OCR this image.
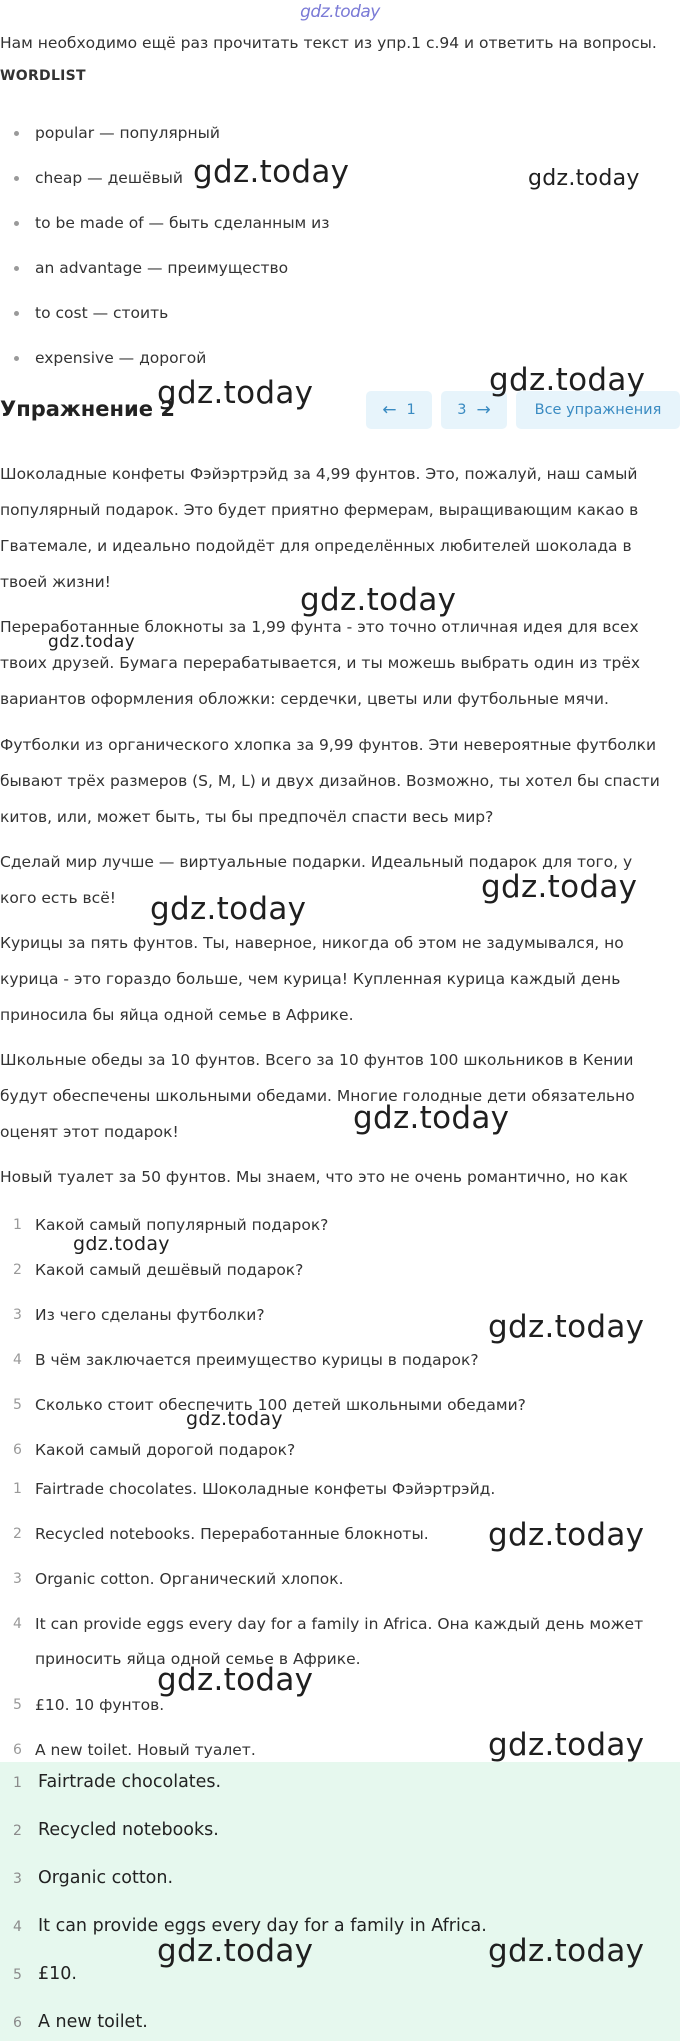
gdz.today

Нам необходимо ещё раз прочитать текст из упр.1 с.94 и ответить на вопросы.

WORDLIST
popular — популярный
cheap — дешёвый
to be made of — быть сделанным из
an advantage — преимущество
to cost — стоить
expensive — дорогой
Упражнение 2	← 1	3 →	Все упражнения

Шоколадные конфеты Фэйэртрэйд за 4,99 фунтов. Это, пожалуй, наш самый популярный подарок. Это будет приятно фермерам, выращивающим какао в Гватемале, и идеально подойдёт для определённых любителей шоколада в твоей жизни!

Переработанные блокноты за 1,99 фунта - это точно отличная идея для всех твоих друзей. Бумага перерабатывается, и ты можешь выбрать один из трёх вариантов оформления обложки: сердечки, цветы или футбольные мячи.

Футболки из органического хлопка за 9,99 фунтов. Эти невероятные футболки бывают трёх размеров (S, M, L) и двух дизайнов. Возможно, ты хотел бы спасти китов, или, может быть, ты бы предпочёл спасти весь мир?

Сделай мир лучше — виртуальные подарки. Идеальный подарок для того, у кого есть всё!

Курицы за пять фунтов. Ты, наверное, никогда об этом не задумывался, но курица - это гораздо больше, чем курица! Купленная курица каждый день приносила бы яйца одной семье в Африке.

Школьные обеды за 10 фунтов. Всего за 10 фунтов 100 школьников в Кении будут обеспечены школьными обедами. Многие голодные дети обязательно оценят этот подарок!

Новый туалет за 50 фунтов. Мы знаем, что это не очень романтично, но как

1 Какой самый популярный подарок?
2 Какой самый дешёвый подарок?
3 Из чего сделаны футболки?
4 В чём заключается преимущество курицы в подарок?
5 Сколько стоит обеспечить 100 детей школьными обедами?
6 Какой самый дорогой подарок?
1 Fairtrade chocolates. Шоколадные конфеты Фэйэртрэйд.
2 Recycled notebooks. Переработанные блокноты.
3 Organic cotton. Органический хлопок.
4 It can provide eggs every day for a family in Africa. Она каждый день может приносить яйца одной семье в Африке.
5 £10. 10 фунтов.
6 A new toilet. Новый туалет.
1 Fairtrade chocolates.
2 Recycled notebooks.
3 Organic cotton.
4 It can provide eggs every day for a family in Africa.
5 £10.
6 A new toilet.
gdz.today	gdz.today
gdz.today	gdz.today
gdz.today
gdz.today
gdz.today
gdz.today
gdz.today
gdz.today
gdz.today
gdz.today
gdz.today
gdz.today
gdz.today
gdz.today	gdz.today
